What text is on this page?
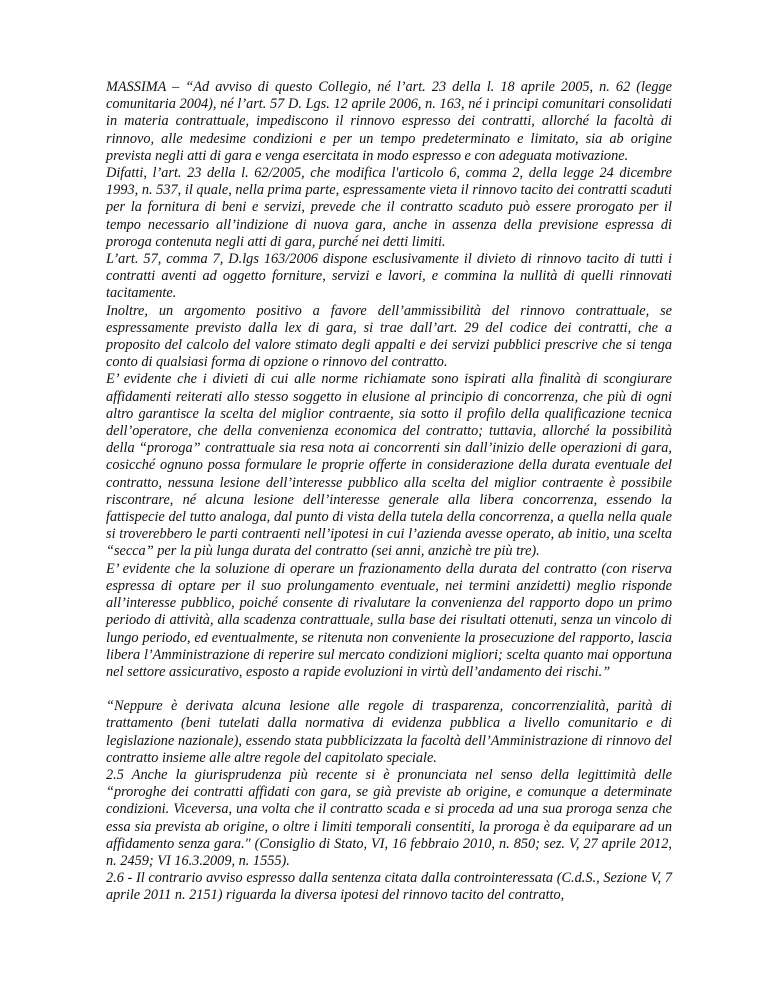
MASSIMA – “Ad avviso di questo Collegio, né l’art. 23 della l. 18 aprile 2005, n. 62 (legge comunitaria 2004), né l’art. 57 D. Lgs. 12 aprile 2006, n. 163, né i principi comunitari consolidati in materia contrattuale, impediscono il rinnovo espresso dei contratti, allorché la facoltà di rinnovo, alle medesime condizioni e per un tempo predeterminato e limitato, sia ab origine prevista negli atti di gara e venga esercitata in modo espresso e con adeguata motivazione.

Difatti, l’art. 23 della l. 62/2005, che modifica l'articolo 6, comma 2, della legge 24 dicembre 1993, n. 537, il quale, nella prima parte, espressamente vieta il rinnovo tacito dei contratti scaduti per la fornitura di beni e servizi, prevede che il contratto scaduto può essere prorogato per il tempo necessario all’indizione di nuova gara, anche in assenza della previsione espressa di proroga contenuta negli atti di gara, purché nei detti limiti.

L’art. 57, comma 7, D.lgs 163/2006 dispone esclusivamente il divieto di rinnovo tacito di tutti i contratti aventi ad oggetto forniture, servizi e lavori, e commina la nullità di quelli rinnovati tacitamente.

Inoltre, un argomento positivo a favore dell’ammissibilità del rinnovo contrattuale, se espressamente previsto dalla lex di gara, si trae dall’art. 29 del codice dei contratti, che a proposito del calcolo del valore stimato degli appalti e dei servizi pubblici prescrive che si tenga conto di qualsiasi forma di opzione o rinnovo del contratto.

E’ evidente che i divieti di cui alle norme richiamate sono ispirati alla finalità di scongiurare affidamenti reiterati allo stesso soggetto in elusione al principio di concorrenza, che più di ogni altro garantisce la scelta del miglior contraente, sia sotto il profilo della qualificazione tecnica dell’operatore, che della convenienza economica del contratto; tuttavia, allorché la possibilità della “proroga” contrattuale sia resa nota ai concorrenti sin dall’inizio delle operazioni di gara, cosicché ognuno possa formulare le proprie offerte in considerazione della durata eventuale del contratto, nessuna lesione dell’interesse pubblico alla scelta del miglior contraente è possibile riscontrare, né alcuna lesione dell’interesse generale alla libera concorrenza, essendo la fattispecie del tutto analoga, dal punto di vista della tutela della concorrenza, a quella nella quale si troverebbero le parti contraenti nell’ipotesi in cui l’azienda avesse operato, ab initio, una scelta “secca” per la più lunga durata del contratto (sei anni, anzichè tre più tre).

E’ evidente che la soluzione di operare un frazionamento della durata del contratto (con riserva espressa di optare per il suo prolungamento eventuale, nei termini anzidetti) meglio risponde all’interesse pubblico, poiché consente di rivalutare la convenienza del rapporto dopo un primo periodo di attività, alla scadenza contrattuale, sulla base dei risultati ottenuti, senza un vincolo di lungo periodo, ed eventualmente, se ritenuta non conveniente la prosecuzione del rapporto, lascia libera l’Amministrazione di reperire sul mercato condizioni migliori; scelta quanto mai opportuna nel settore assicurativo, esposto a rapide evoluzioni in virtù dell’andamento dei rischi.”

“Neppure è derivata alcuna lesione alle regole di trasparenza, concorrenzialità, parità di trattamento (beni tutelati dalla normativa di evidenza pubblica a livello comunitario e di legislazione nazionale), essendo stata pubblicizzata la facoltà dell’Amministrazione di rinnovo del contratto insieme alle altre regole del capitolato speciale.

2.5 Anche la giurisprudenza più recente si è pronunciata nel senso della legittimità delle “proroghe dei contratti affidati con gara, se già previste ab origine, e comunque a determinate condizioni. Viceversa, una volta che il contratto scada e si proceda ad una sua proroga senza che essa sia prevista ab origine, o oltre i limiti temporali consentiti, la proroga è da equiparare ad un affidamento senza gara." (Consiglio di Stato, VI, 16 febbraio 2010, n. 850; sez. V, 27 aprile 2012, n. 2459; VI 16.3.2009, n. 1555).

2.6 - Il contrario avviso espresso dalla sentenza citata dalla controinteressata (C.d.S., Sezione V, 7 aprile 2011 n. 2151) riguarda la diversa ipotesi del rinnovo tacito del contratto,
